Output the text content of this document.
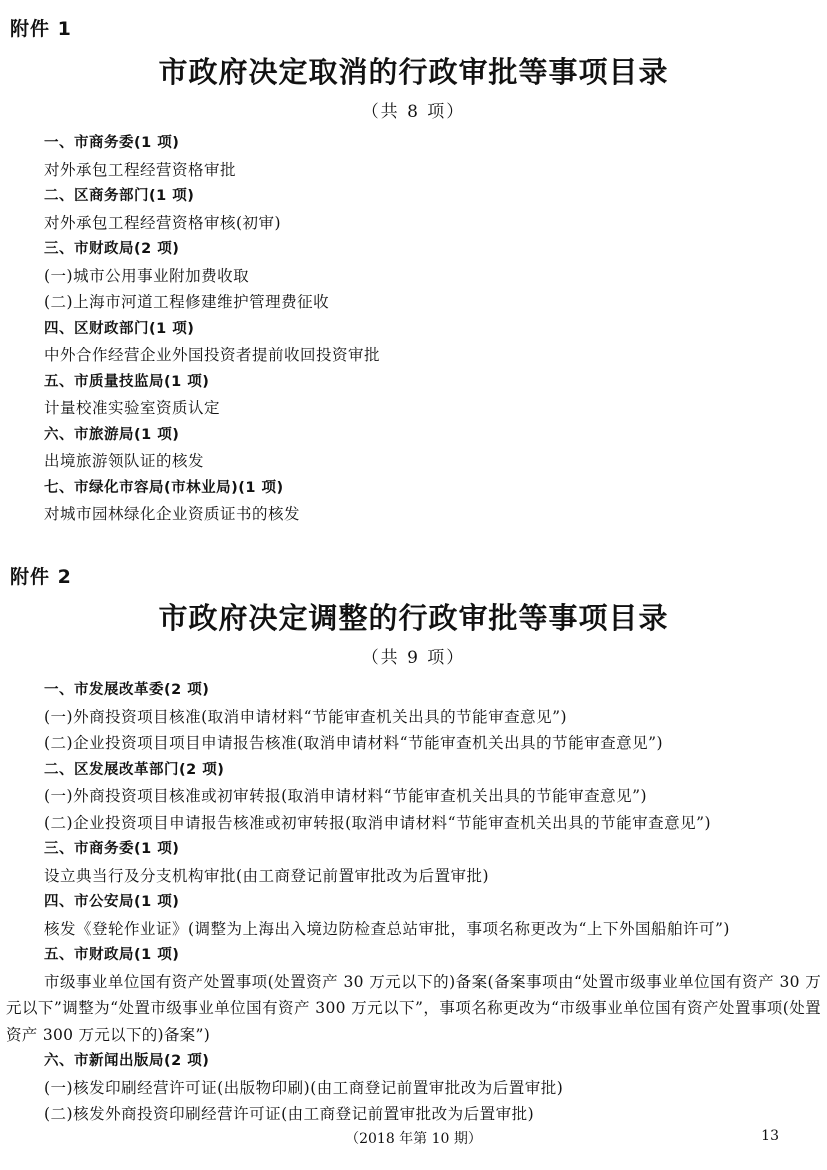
附件 1
市政府决定取消的行政审批等事项目录
（共 8 项）
一、市商务委(1 项)
对外承包工程经营资格审批
二、区商务部门(1 项)
对外承包工程经营资格审核(初审)
三、市财政局(2 项)
(一)城市公用事业附加费收取
(二)上海市河道工程修建维护管理费征收
四、区财政部门(1 项)
中外合作经营企业外国投资者提前收回投资审批
五、市质量技监局(1 项)
计量校准实验室资质认定
六、市旅游局(1 项)
出境旅游领队证的核发
七、市绿化市容局(市林业局)(1 项)
对城市园林绿化企业资质证书的核发
附件 2
市政府决定调整的行政审批等事项目录
（共 9 项）
一、市发展改革委(2 项)
(一)外商投资项目核准(取消申请材料“节能审查机关出具的节能审查意见”)
(二)企业投资项目项目申请报告核准(取消申请材料“节能审查机关出具的节能审查意见”)
二、区发展改革部门(2 项)
(一)外商投资项目核准或初审转报(取消申请材料“节能审查机关出具的节能审查意见”)
(二)企业投资项目申请报告核准或初审转报(取消申请材料“节能审查机关出具的节能审查意见”)
三、市商务委(1 项)
设立典当行及分支机构审批(由工商登记前置审批改为后置审批)
四、市公安局(1 项)
核发《登轮作业证》(调整为上海出入境边防检查总站审批，事项名称更改为“上下外国船舶许可”)
五、市财政局(1 项)
市级事业单位国有资产处置事项(处置资产 30 万元以下的)备案(备案事项由“处置市级事业单位国有资产 30 万元以下”调整为“处置市级事业单位国有资产 300 万元以下”，事项名称更改为“市级事业单位国有资产处置事项(处置资产 300 万元以下的)备案”)
六、市新闻出版局(2 项)
(一)核发印刷经营许可证(出版物印刷)(由工商登记前置审批改为后置审批)
(二)核发外商投资印刷经营许可证(由工商登记前置审批改为后置审批)
（2018 年第 10 期）	13
